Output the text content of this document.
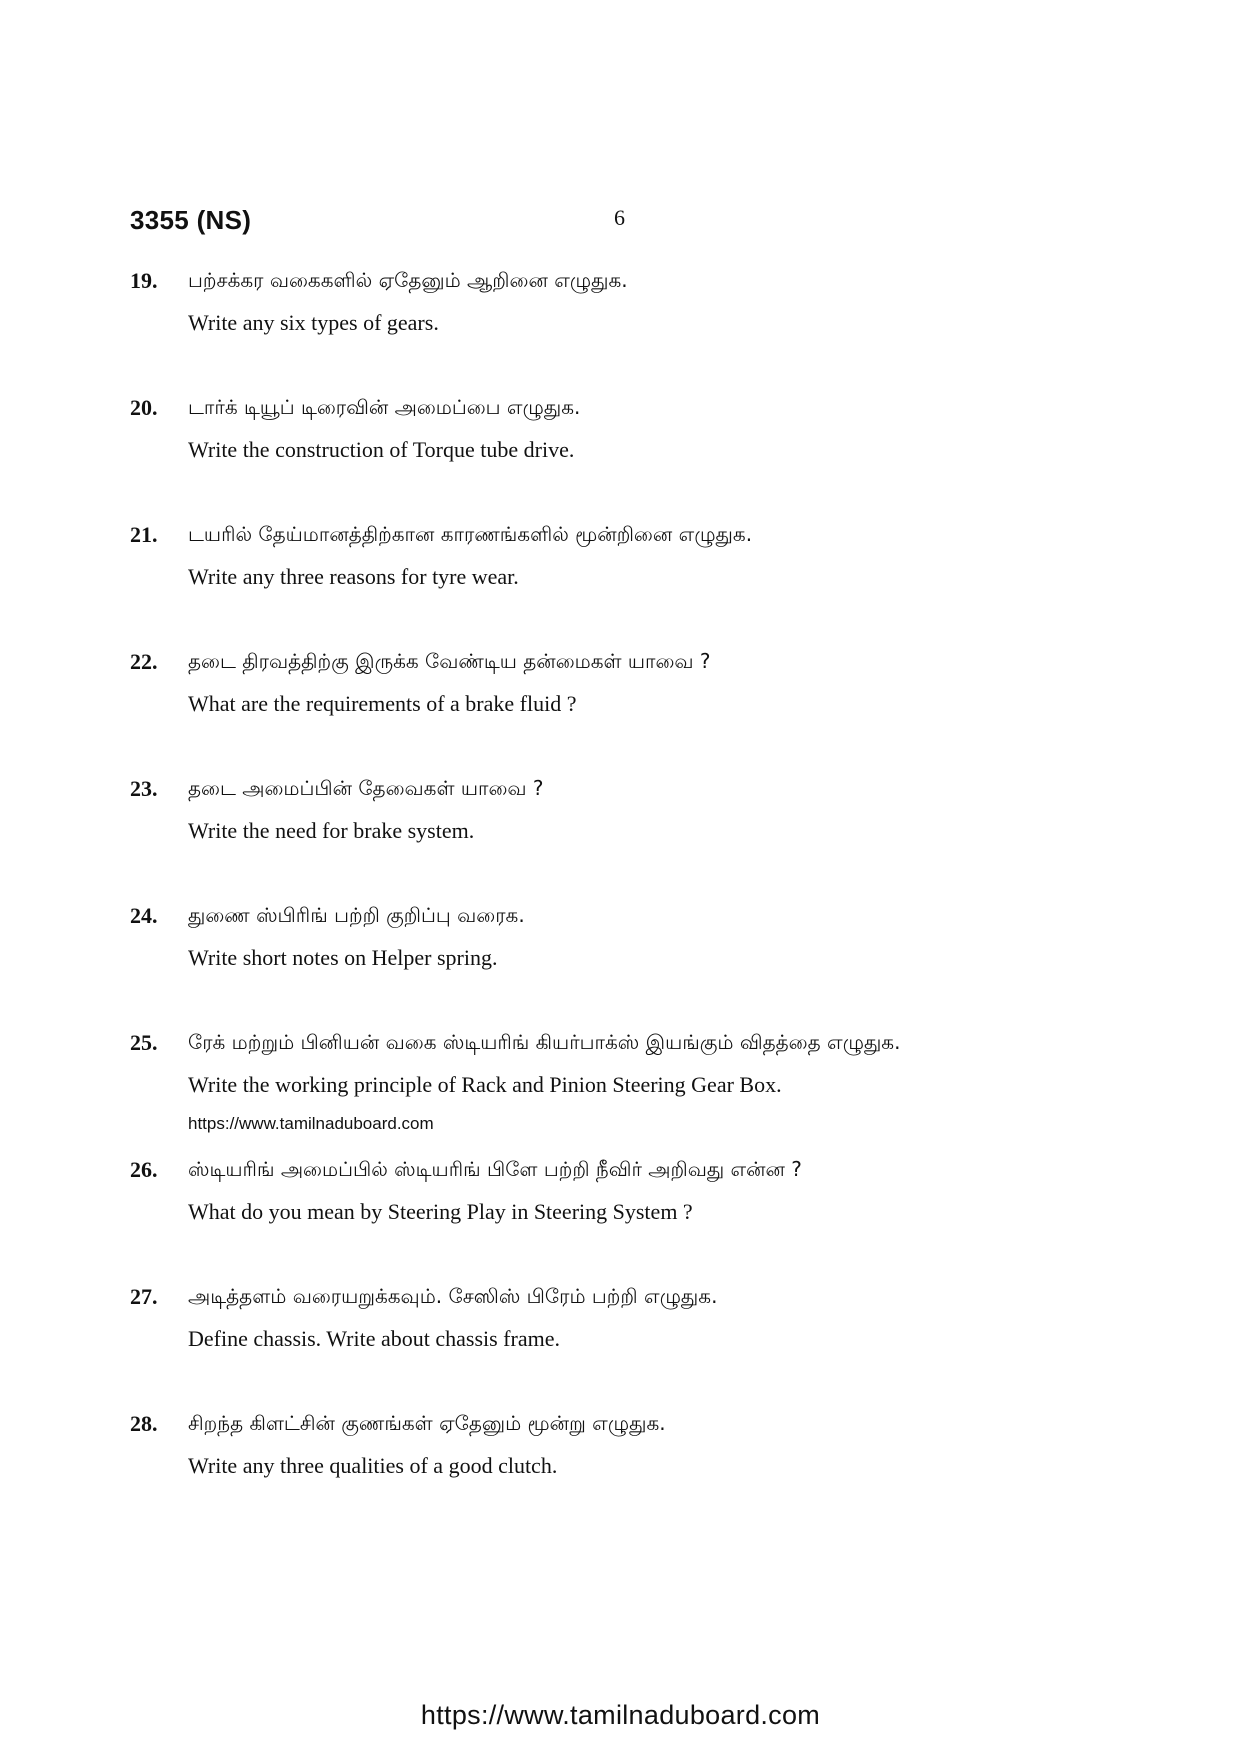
3355 (NS)	6
19. பற்சக்கர வகைகளில் ஏதேனும் ஆறினை எழுதுக.
Write any six types of gears.
20. டார்க் டியூப் டிரைவின் அமைப்பை எழுதுக.
Write the construction of Torque tube drive.
21. டயரில் தேய்மானத்திற்கான காரணங்களில் மூன்றினை எழுதுக.
Write any three reasons for tyre wear.
22. தடை திரவத்திற்கு இருக்க வேண்டிய தன்மைகள் யாவை ?
What are the requirements of a brake fluid ?
23. தடை அமைப்பின் தேவைகள் யாவை ?
Write the need for brake system.
24. துணை ஸ்பிரிங் பற்றி குறிப்பு வரைக.
Write short notes on Helper spring.
25. ரேக் மற்றும் பினியன் வகை ஸ்டியரிங் கியர்பாக்ஸ் இயங்கும் விதத்தை எழுதுக.
Write the working principle of Rack and Pinion Steering Gear Box.
https://www.tamilnaduboard.com
26. ஸ்டியரிங் அமைப்பில் ஸ்டியரிங் பிளே பற்றி நீவிர் அறிவது என்ன ?
What do you mean by Steering Play in Steering System ?
27. அடித்தளம் வரையறுக்கவும். சேஸிஸ் பிரேம் பற்றி எழுதுக.
Define chassis. Write about chassis frame.
28. சிறந்த கிளட்சின் குணங்கள் ஏதேனும் மூன்று எழுதுக.
Write any three qualities of a good clutch.
https://www.tamilnaduboard.com
